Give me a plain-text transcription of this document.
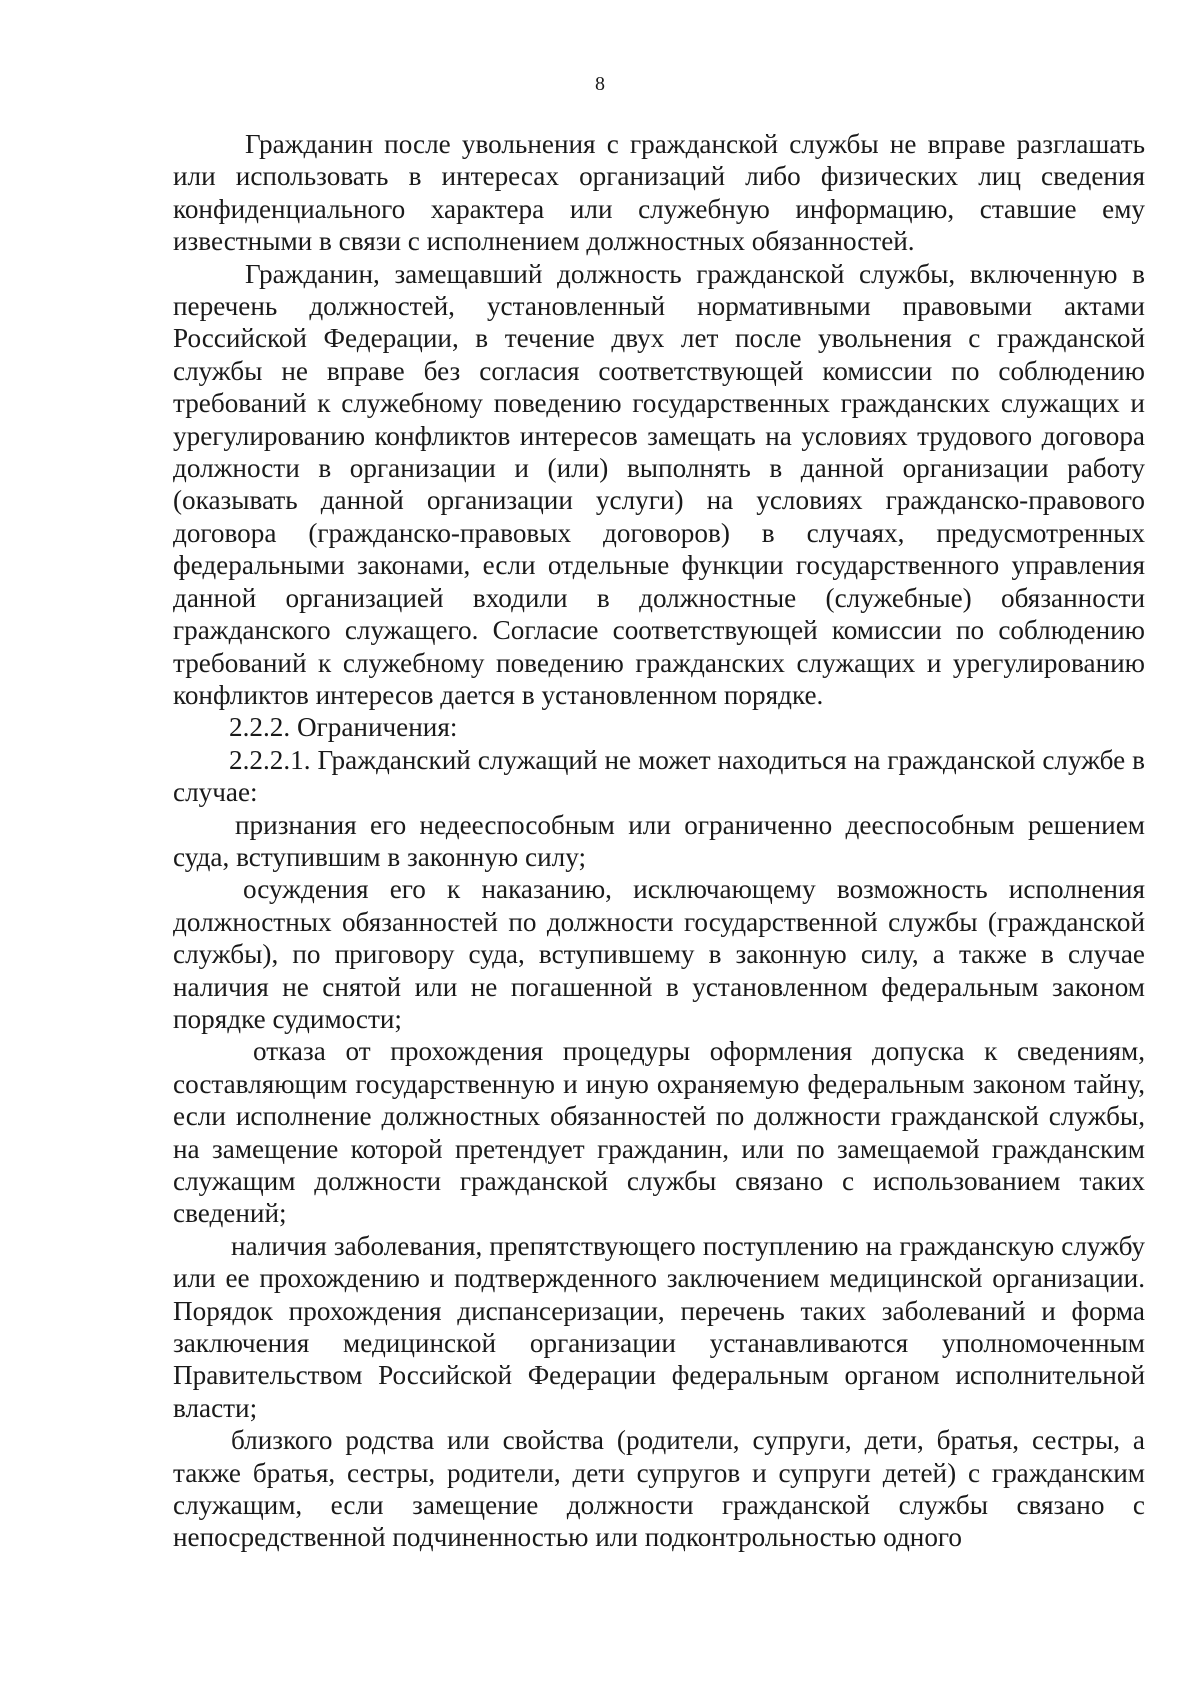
8

Гражданин после увольнения с гражданской службы не вправе разглашать или использовать в интересах организаций либо физических лиц сведения конфиденциального характера или служебную информацию, ставшие ему известными в связи с исполнением должностных обязанностей.

Гражданин, замещавший должность гражданской службы, включенную в перечень должностей, установленный нормативными правовыми актами Российской Федерации, в течение двух лет после увольнения с гражданской службы не вправе без согласия соответствующей комиссии по соблюдению требований к служебному поведению государственных гражданских служащих и урегулированию конфликтов интересов замещать на условиях трудового договора должности в организации и (или) выполнять в данной организации работу (оказывать данной организации услуги) на условиях гражданско-правового договора (гражданско-правовых договоров) в случаях, предусмотренных федеральными законами, если отдельные функции государственного управления данной организацией входили в должностные (служебные) обязанности гражданского служащего. Согласие соответствующей комиссии по соблюдению требований к служебному поведению гражданских служащих и урегулированию конфликтов интересов дается в установленном порядке.

2.2.2. Ограничения:

2.2.2.1. Гражданский служащий не может находиться на гражданской службе в случае:

признания его недееспособным или ограниченно дееспособным решением суда, вступившим в законную силу;

осуждения его к наказанию, исключающему возможность исполнения должностных обязанностей по должности государственной службы (гражданской службы), по приговору суда, вступившему в законную силу, а также в случае наличия не снятой или не погашенной в установленном федеральным законом порядке судимости;

отказа от прохождения процедуры оформления допуска к сведениям, составляющим государственную и иную охраняемую федеральным законом тайну, если исполнение должностных обязанностей по должности гражданской службы, на замещение которой претендует гражданин, или по замещаемой гражданским служащим должности гражданской службы связано с использованием таких сведений;

наличия заболевания, препятствующего поступлению на гражданскую службу или ее прохождению и подтвержденного заключением медицинской организации. Порядок прохождения диспансеризации, перечень таких заболеваний и форма заключения медицинской организации устанавливаются уполномоченным Правительством Российской Федерации федеральным органом исполнительной власти;

близкого родства или свойства (родители, супруги, дети, братья, сестры, а также братья, сестры, родители, дети супругов и супруги детей) с гражданским служащим, если замещение должности гражданской службы связано с непосредственной подчиненностью или подконтрольностью одного
